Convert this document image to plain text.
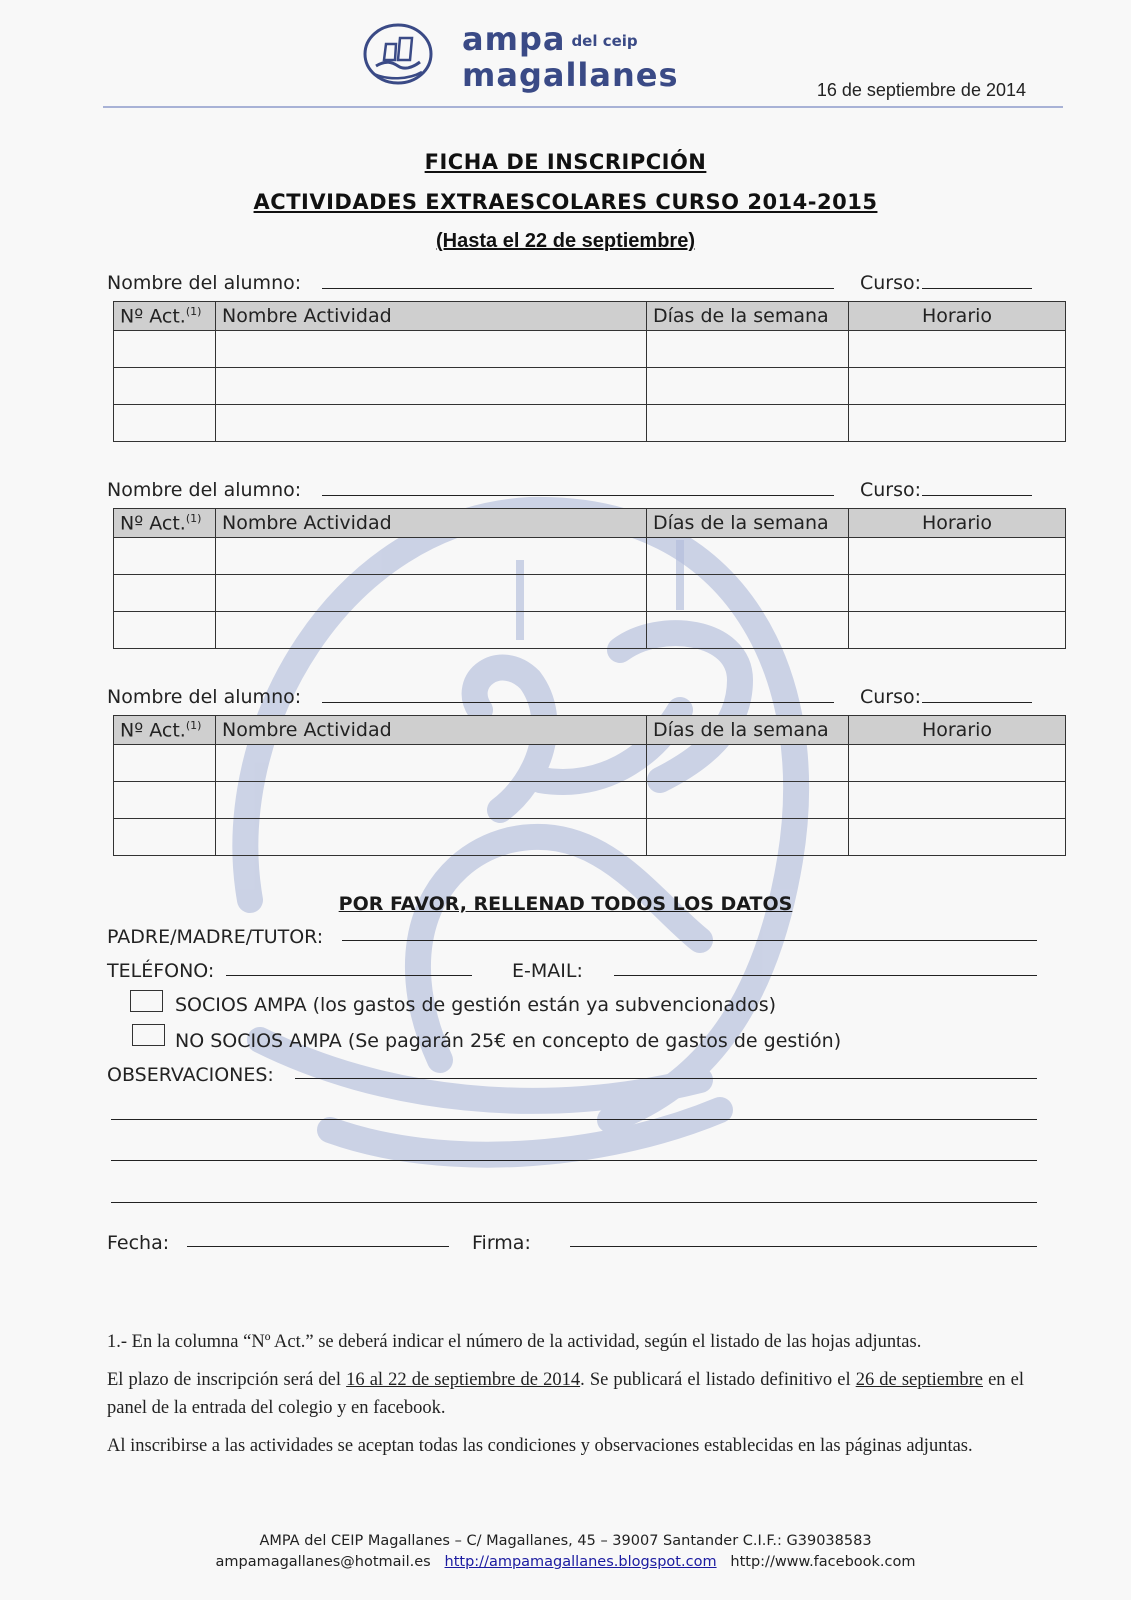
ampa del ceip
magallanes	16 de septiembre de 2014
FICHA DE INSCRIPCIÓN
ACTIVIDADES EXTRAESCOLARES CURSO 2014-2015
(Hasta el 22 de septiembre)
Nombre del alumno:	Curso:
Nº Act.$^{(1)}$	Nombre Actividad	Días de la semana	Horario

Nombre del alumno:	Curso:
Nº Act.$^{(1)}$	Nombre Actividad	Días de la semana	Horario

Nombre del alumno:	Curso:
Nº Act.$^{(1)}$	Nombre Actividad	Días de la semana	Horario

POR FAVOR, RELLENAD TODOS LOS DATOS
PADRE/MADRE/TUTOR:
TELÉFONO:	E-MAIL:
SOCIOS AMPA (los gastos de gestión están ya subvencionados)
NO SOCIOS AMPA (Se pagarán 25€ en concepto de gastos de gestión)
OBSERVACIONES:
Fecha:	Firma:
1.- En la columna “Nº Act.” se deberá indicar el número de la actividad, según el listado de las hojas adjuntas.
El plazo de inscripción será del 16 al 22 de septiembre de 2014. Se publicará el listado definitivo el 26 de septiembre en el panel de la entrada del colegio y en facebook.
Al inscribirse a las actividades se aceptan todas las condiciones y observaciones establecidas en las páginas adjuntas.
AMPA del CEIP Magallanes – C/ Magallanes, 45 – 39007 Santander C.I.F.: G39038583
ampamagallanes@hotmail.es http://ampamagallanes.blogspot.com http://www.facebook.com
